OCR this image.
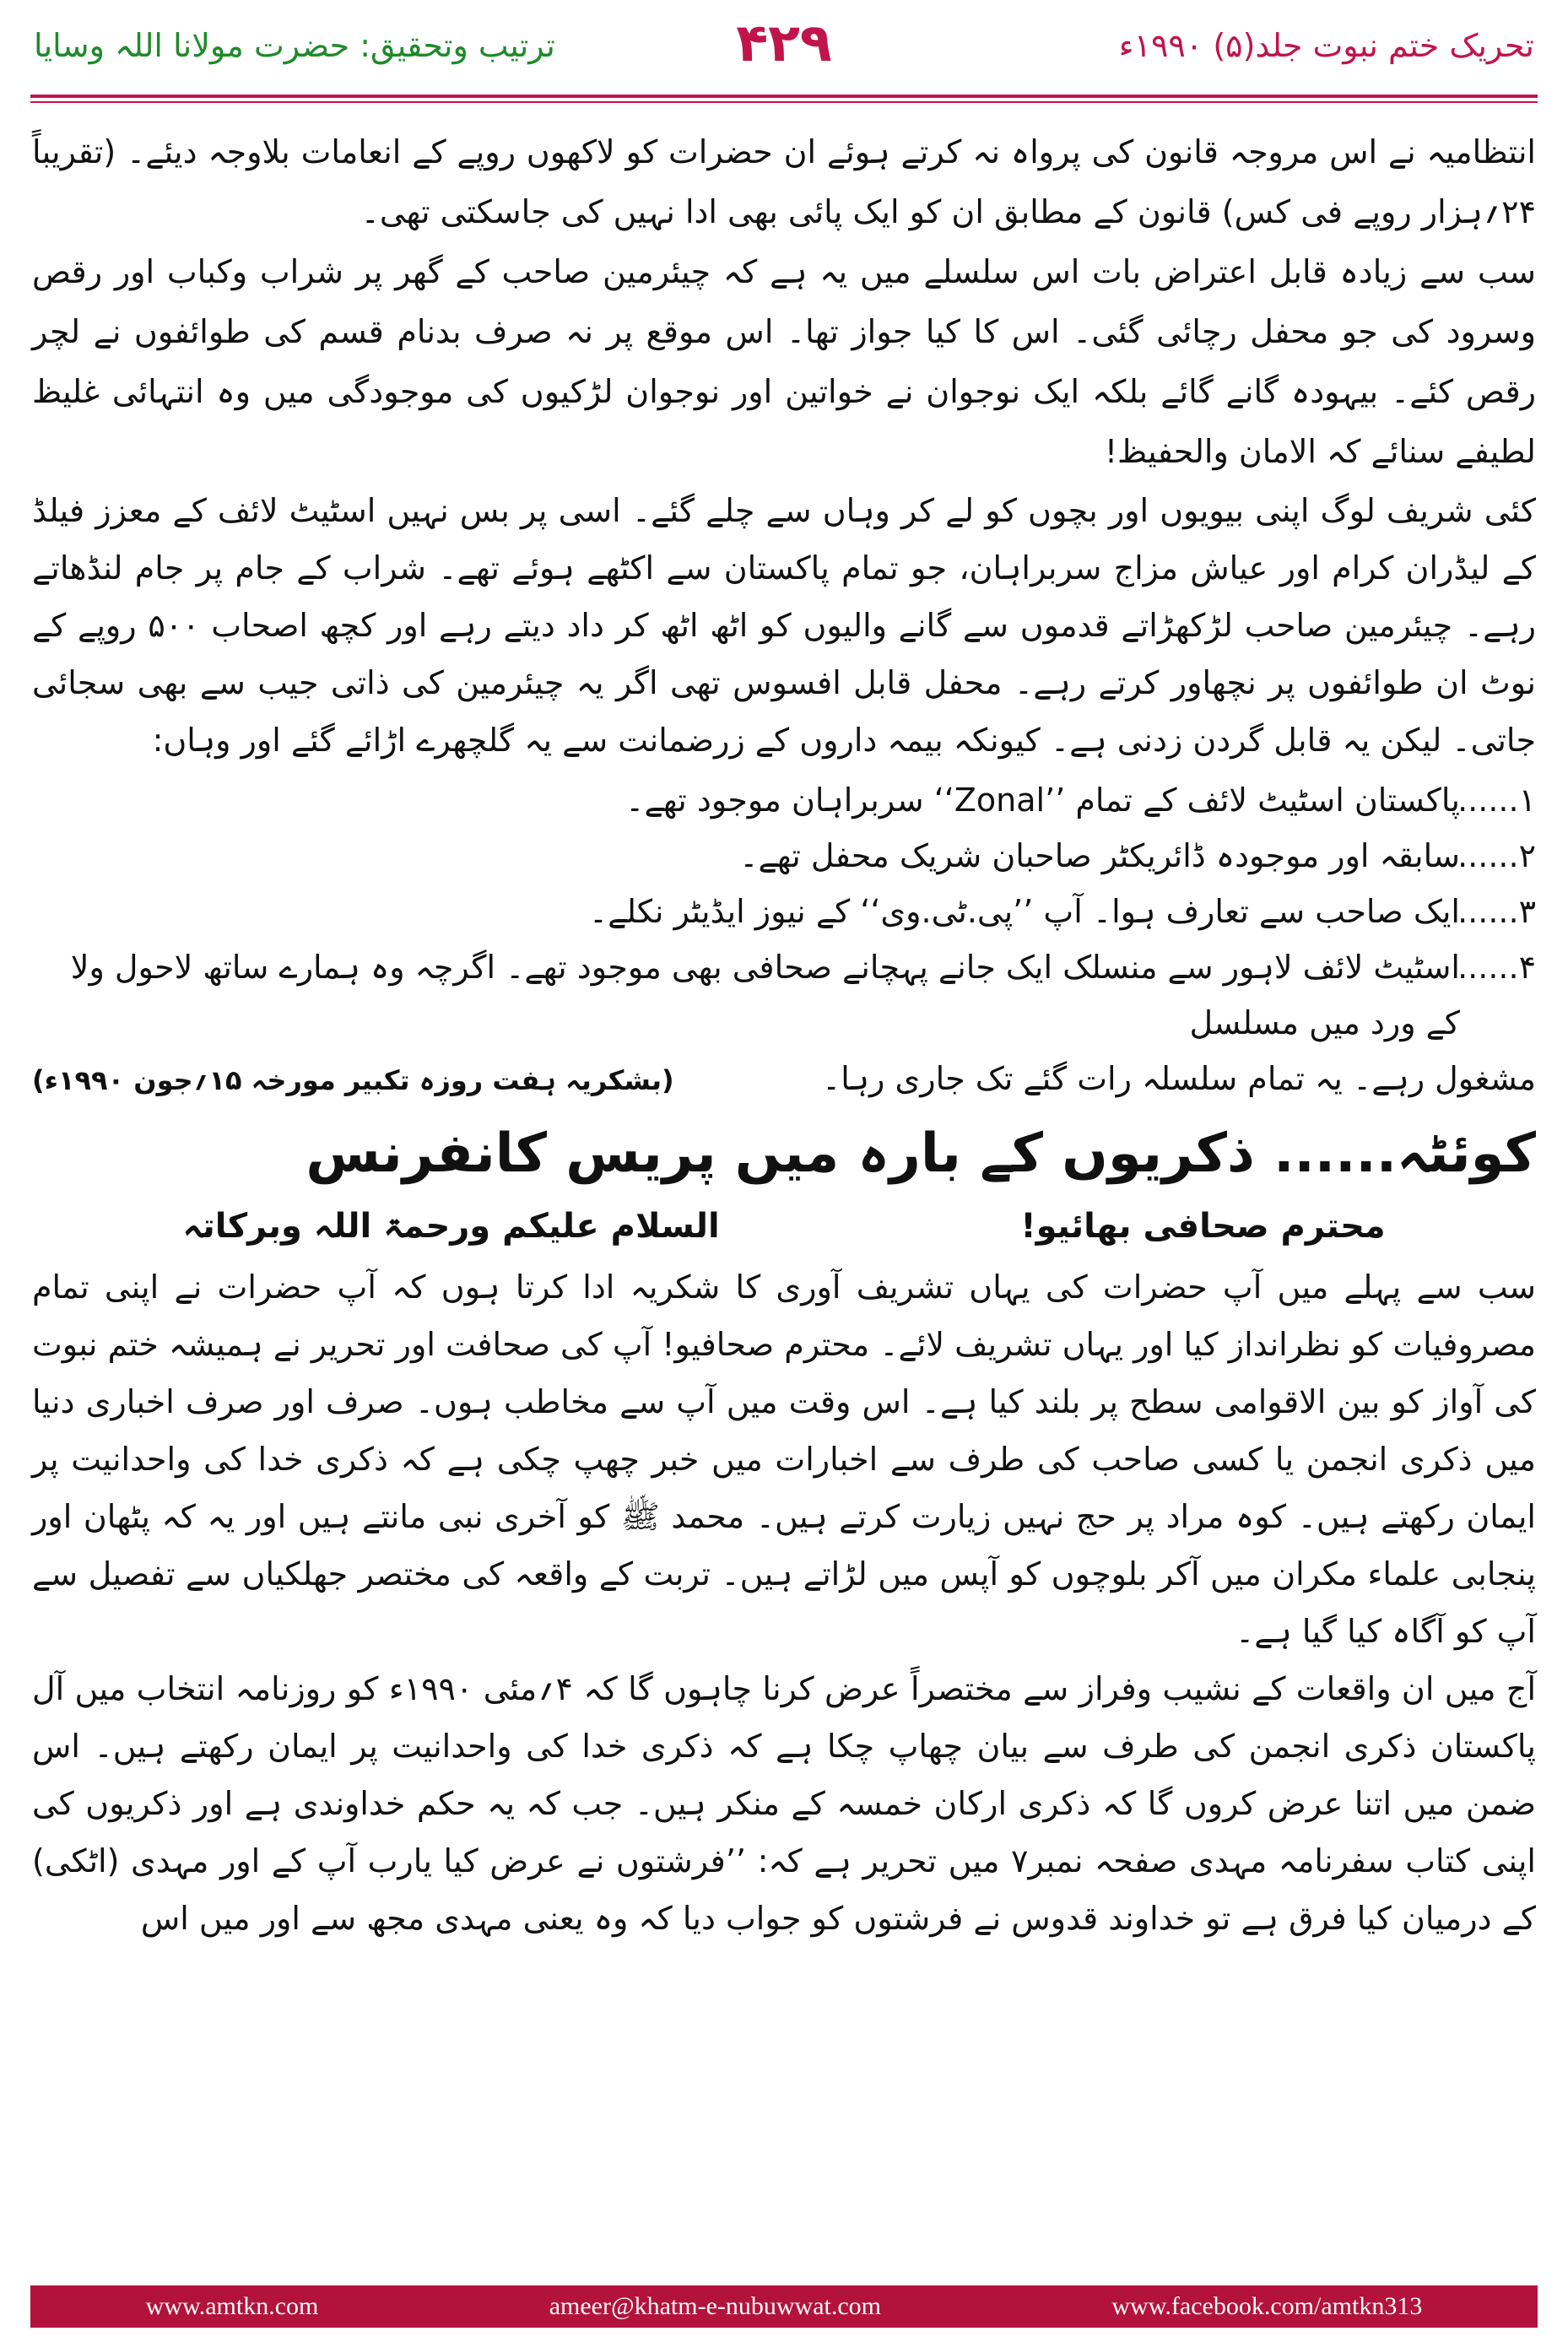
ترتیب وتحقیق: حضرت مولانا اللہ وسایا	۴۲۹	تحریک ختم نبوت جلد(۵) ۱۹۹۰ء

انتظامیہ نے اس مروجہ قانون کی پرواہ نہ کرتے ہوئے ان حضرات کو لاکھوں روپے کے انعامات بلاوجہ دیئے۔ (تقریباً ۲۴؍ہزار روپے فی کس) قانون کے مطابق ان کو ایک پائی بھی ادا نہیں کی جاسکتی تھی۔

سب سے زیادہ قابل اعتراض بات اس سلسلے میں یہ ہے کہ چیئرمین صاحب کے گھر پر شراب وکباب اور رقص وسرود کی جو محفل رچائی گئی۔ اس کا کیا جواز تھا۔ اس موقع پر نہ صرف بدنام قسم کی طوائفوں نے لچر رقص کئے۔ بیہودہ گانے گائے بلکہ ایک نوجوان نے خواتین اور نوجوان لڑکیوں کی موجودگی میں وہ انتہائی غلیظ لطیفے سنائے کہ الامان والحفیظ!

کئی شریف لوگ اپنی بیویوں اور بچوں کو لے کر وہاں سے چلے گئے۔ اسی پر بس نہیں اسٹیٹ لائف کے معزز فیلڈ کے لیڈران کرام اور عیاش مزاج سربراہان، جو تمام پاکستان سے اکٹھے ہوئے تھے۔ شراب کے جام پر جام لنڈھاتے رہے۔ چیئرمین صاحب لڑکھڑاتے قدموں سے گانے والیوں کو اٹھ اٹھ کر داد دیتے رہے اور کچھ اصحاب ۵۰۰ روپے کے نوٹ ان طوائفوں پر نچھاور کرتے رہے۔ محفل قابل افسوس تھی اگر یہ چیئرمین کی ذاتی جیب سے بھی سجائی جاتی۔ لیکن یہ قابل گردن زدنی ہے۔ کیونکہ بیمہ داروں کے زرضمانت سے یہ گلچھرے اڑائے گئے اور وہاں:

۱......
پاکستان اسٹیٹ لائف کے تمام ’’Zonal‘‘ سربراہان موجود تھے۔
۲......
سابقہ اور موجودہ ڈائریکٹر صاحبان شریک محفل تھے۔
۳......
ایک صاحب سے تعارف ہوا۔ آپ ’’پی.ٹی.وی‘‘ کے نیوز ایڈیٹر نکلے۔
۴......
اسٹیٹ لائف لاہور سے منسلک ایک جانے پہچانے صحافی بھی موجود تھے۔ اگرچہ وہ ہمارے ساتھ لاحول ولا کے ورد میں مسلسل
مشغول رہے۔ یہ تمام سلسلہ رات گئے تک جاری رہا۔
(بشکریہ ہفت روزہ تکبیر مورخہ ۱۵؍جون ۱۹۹۰ء)
کوئٹہ...... ذکریوں کے بارہ میں پریس کانفرنس
محترم صحافی بھائیو!
السلام علیکم ورحمۃ اللہ وبرکاتہ

سب سے پہلے میں آپ حضرات کی یہاں تشریف آوری کا شکریہ ادا کرتا ہوں کہ آپ حضرات نے اپنی تمام مصروفیات کو نظرانداز کیا اور یہاں تشریف لائے۔ محترم صحافیو! آپ کی صحافت اور تحریر نے ہمیشہ ختم نبوت کی آواز کو بین الاقوامی سطح پر بلند کیا ہے۔ اس وقت میں آپ سے مخاطب ہوں۔ صرف اور صرف اخباری دنیا میں ذکری انجمن یا کسی صاحب کی طرف سے اخبارات میں خبر چھپ چکی ہے کہ ذکری خدا کی واحدانیت پر ایمان رکھتے ہیں۔ کوہ مراد پر حج نہیں زیارت کرتے ہیں۔ محمد ﷺ کو آخری نبی مانتے ہیں اور یہ کہ پٹھان اور پنجابی علماء مکران میں آکر بلوچوں کو آپس میں لڑاتے ہیں۔ تربت کے واقعہ کی مختصر جھلکیاں سے تفصیل سے آپ کو آگاہ کیا گیا ہے۔

آج میں ان واقعات کے نشیب وفراز سے مختصراً عرض کرنا چاہوں گا کہ ۴؍مئی ۱۹۹۰ء کو روزنامہ انتخاب میں آل پاکستان ذکری انجمن کی طرف سے بیان چھاپ چکا ہے کہ ذکری خدا کی واحدانیت پر ایمان رکھتے ہیں۔ اس ضمن میں اتنا عرض کروں گا کہ ذکری ارکان خمسہ کے منکر ہیں۔ جب کہ یہ حکم خداوندی ہے اور ذکریوں کی اپنی کتاب سفرنامہ مہدی صفحہ نمبر۷ میں تحریر ہے کہ: ’’فرشتوں نے عرض کیا یارب آپ کے اور مہدی (اٹکی) کے درمیان کیا فرق ہے تو خداوند قدوس نے فرشتوں کو جواب دیا کہ وہ یعنی مہدی مجھ سے اور میں اس

www.amtkn.com	ameer@khatm-e-nubuwwat.com	www.facebook.com/amtkn313
